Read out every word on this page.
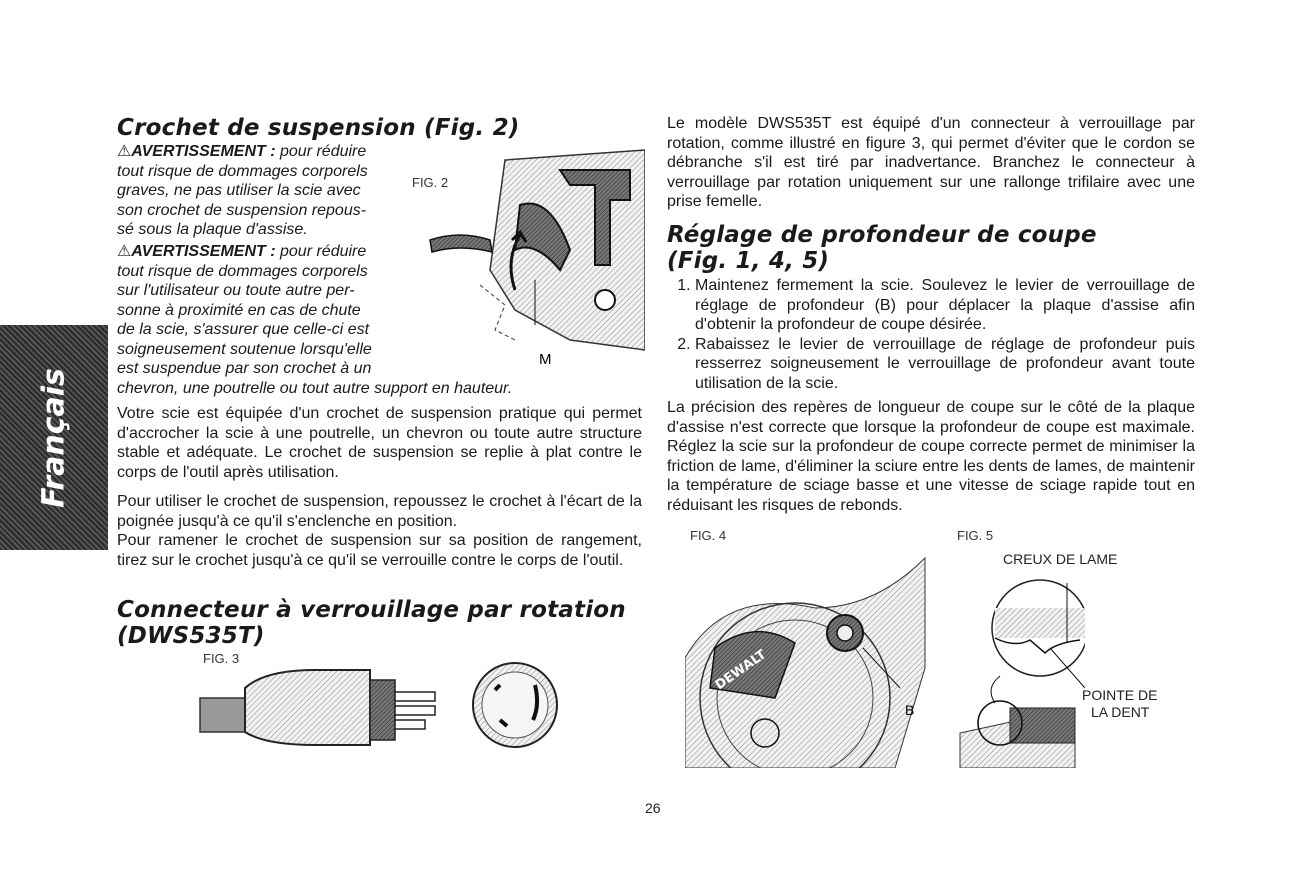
Français
Crochet de suspension (Fig. 2)
⚠AVERTISSEMENT : pour réduire
tout risque de dommages corporels
graves, ne pas utiliser la scie avec
son crochet de suspension repous-
sé sous la plaque d'assise.
⚠AVERTISSEMENT : pour réduire
tout risque de dommages corporels
sur l'utilisateur ou toute autre per-
sonne à proximité en cas de chute
de la scie, s'assurer que celle-ci est
soigneusement soutenue lorsqu'elle
est suspendue par son crochet à un
chevron, une poutrelle ou tout autre support en hauteur.
FIG. 2
M
Votre scie est équipée d'un crochet de suspension pratique qui permet d'accrocher la scie à une poutrelle, un chevron ou toute autre structure stable et adéquate. Le crochet de suspension se replie à plat contre le corps de l'outil après utilisation.
Pour utiliser le crochet de suspension, repoussez le crochet à l'écart de la poignée jusqu'à ce qu'il s'enclenche en position.
Pour ramener le crochet de suspension sur sa position de rangement, tirez sur le crochet jusqu'à ce qu'il se verrouille contre le corps de l'outil.
Connecteur à verrouillage par rotation
(DWS535T)
FIG. 3
Le modèle DWS535T est équipé d'un connecteur à verrouillage par rotation, comme illustré en figure 3, qui permet d'éviter que le cordon se débranche s'il est tiré par inadvertance. Branchez le connecteur à verrouillage par rotation uniquement sur une rallonge trifilaire avec une prise femelle.
Réglage de profondeur de coupe
(Fig. 1, 4, 5)
1. Maintenez fermement la scie. Soulevez le levier de verrouillage de réglage de profondeur (B) pour déplacer la plaque d'assise afin d'obtenir la profondeur de coupe désirée.
2. Rabaissez le levier de verrouillage de réglage de profondeur puis resserrez soigneusement le verrouillage de profondeur avant toute utilisation de la scie.
La précision des repères de longueur de coupe sur le côté de la plaque d'assise n'est correcte que lorsque la profondeur de coupe est maximale. Réglez la scie sur la profondeur de coupe correcte permet de minimiser la friction de lame, d'éliminer la sciure entre les dents de lames, de maintenir la température de sciage basse et une vitesse de sciage rapide tout en réduisant les risques de rebonds.
FIG. 4
DEWALT
B
FIG. 5
CREUX DE LAME
POINTE DE
LA DENT
26
